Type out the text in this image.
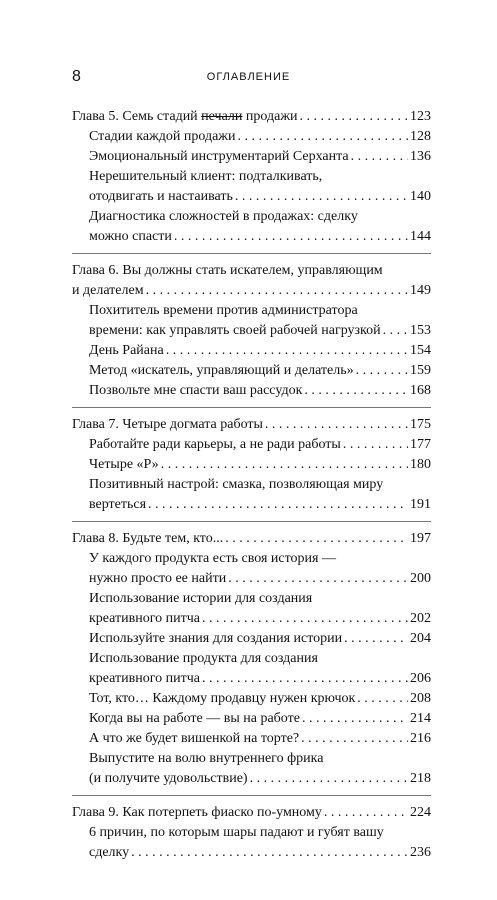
8	ОГЛАВЛЕНИЕ
Глава 5. Семь стадий печали продажи . . .	123
Стадии каждой продажи . . .	128
Эмоциональный инструментарий Серханта . . .	136
Нерешительный клиент: подталкивать,
отодвигать и настаивать . . .	140
Диагностика сложностей в продажах: сделку
можно спасти . . .	144
Глава 6. Вы должны стать искателем, управляющим
и делателем . . .	149
Похититель времени против администратора
времени: как управлять своей рабочей нагрузкой . . . 153
День Райана . . .	154
Метод «искатель, управляющий и делатель» . . .	159
Позвольте мне спасти ваш рассудок . . .	168
Глава 7. Четыре догмата работы . . .	175
Работайте ради карьеры, а не ради работы . . .	177
Четыре «Р» . . .	180
Позитивный настрой: смазка, позволяющая миру
вертеться . . .	191
Глава 8. Будьте тем, кто... . . .	197
У каждого продукта есть своя история —
нужно просто ее найти . . .	200
Использование истории для создания
креативного питча . . .	202
Используйте знания для создания истории . . .	204
Использование продукта для создания
креативного питча . . .	206
Тот, кто… Каждому продавцу нужен крючок . . .	208
Когда вы на работе — вы на работе . . .	214
А что же будет вишенкой на торте? . . .	216
Выпустите на волю внутреннего фрика
(и получите удовольствие) . . .	218
Глава 9. Как потерпеть фиаско по-умному . . .	224
6 причин, по которым шары падают и губят вашу
сделку . . .	236
